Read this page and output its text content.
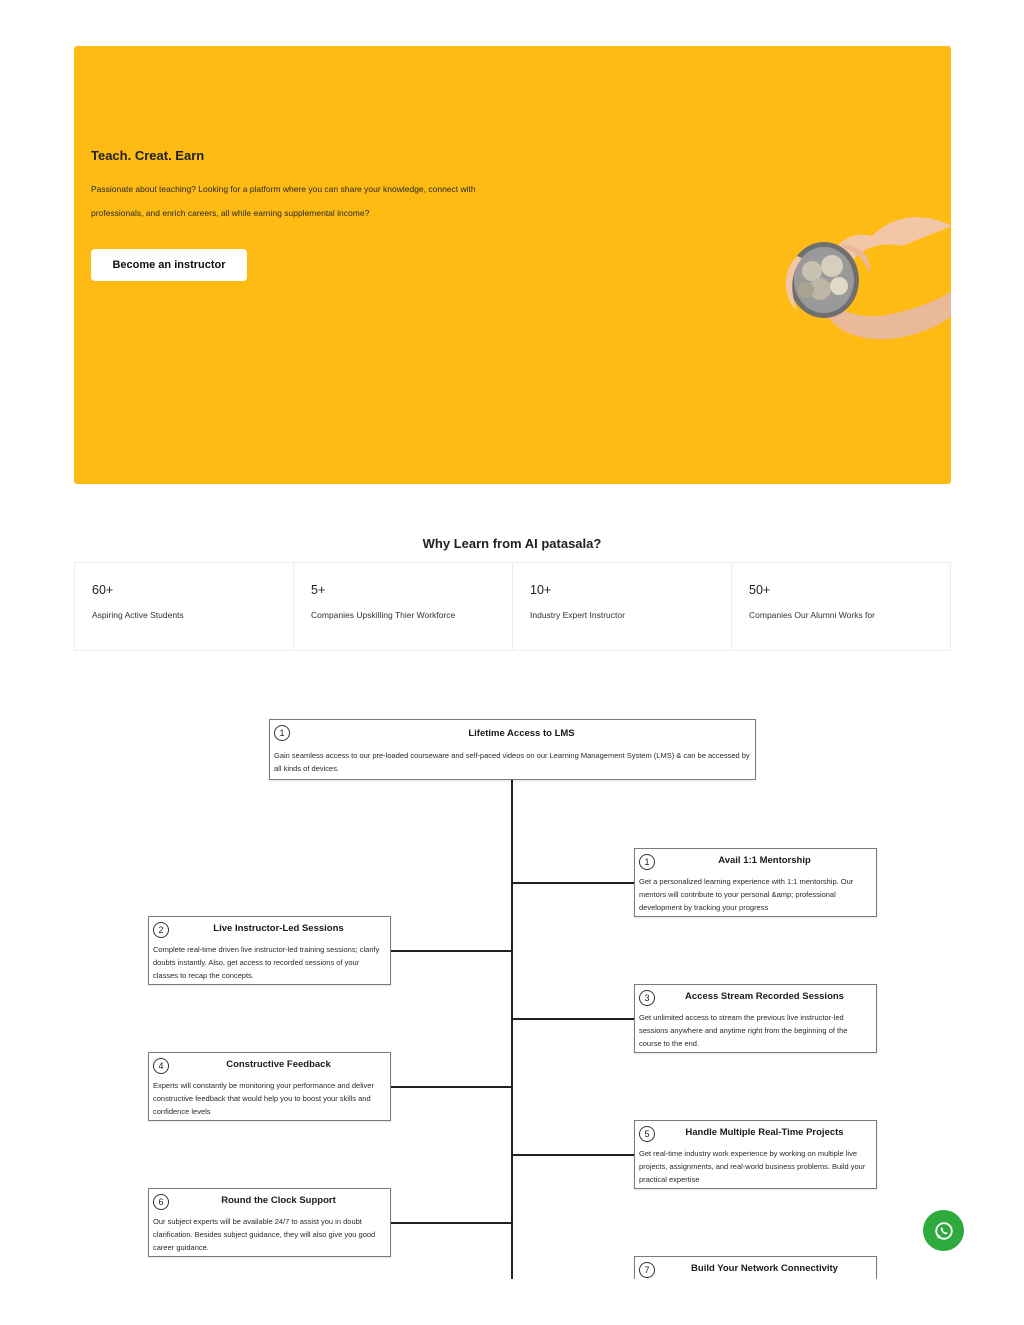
Teach. Creat. Earn

Passionate about teaching? Looking for a platform where you can share your knowledge, connect with professionals, and enrich careers, all while earning supplemental income?

Become an instructor
Why Learn from AI patasala?
60+
Aspiring Active Students
5+
Companies Upskilling Thier Workforce
10+
Industry Expert Instructor
50+
Companies Our Alumni Works for
1	Lifetime Access to LMS
Gain seamless access to our pre-loaded courseware and self-paced videos on our Learning Management System (LMS) & can be accessed by all kinds of devices.
1	Avail 1:1 Mentorship
Get a personalized learning experience with 1:1 mentorship. Our mentors will contribute to your personal &amp; professional development by tracking your progress
2	Live Instructor-Led Sessions
Complete real-time driven live instructor-led training sessions; clarify doubts instantly. Also, get access to recorded sessions of your classes to recap the concepts.
3	Access Stream Recorded Sessions
Get unlimited access to stream the previous live instructor-led sessions anywhere and anytime right from the beginning of the course to the end.
4	Constructive Feedback
Experts will constantly be monitoring your performance and deliver constructive feedback that would help you to boost your skills and confidence levels
5	Handle Multiple Real-Time Projects
Get real-time industry work experience by working on multiple live projects, assignments, and real-world business problems. Build your practical expertise
6	Round the Clock Support
Our subject experts will be available 24/7 to assist you in doubt clarification. Besides subject guidance, they will also give you good career guidance.
7	Build Your Network Connectivity
